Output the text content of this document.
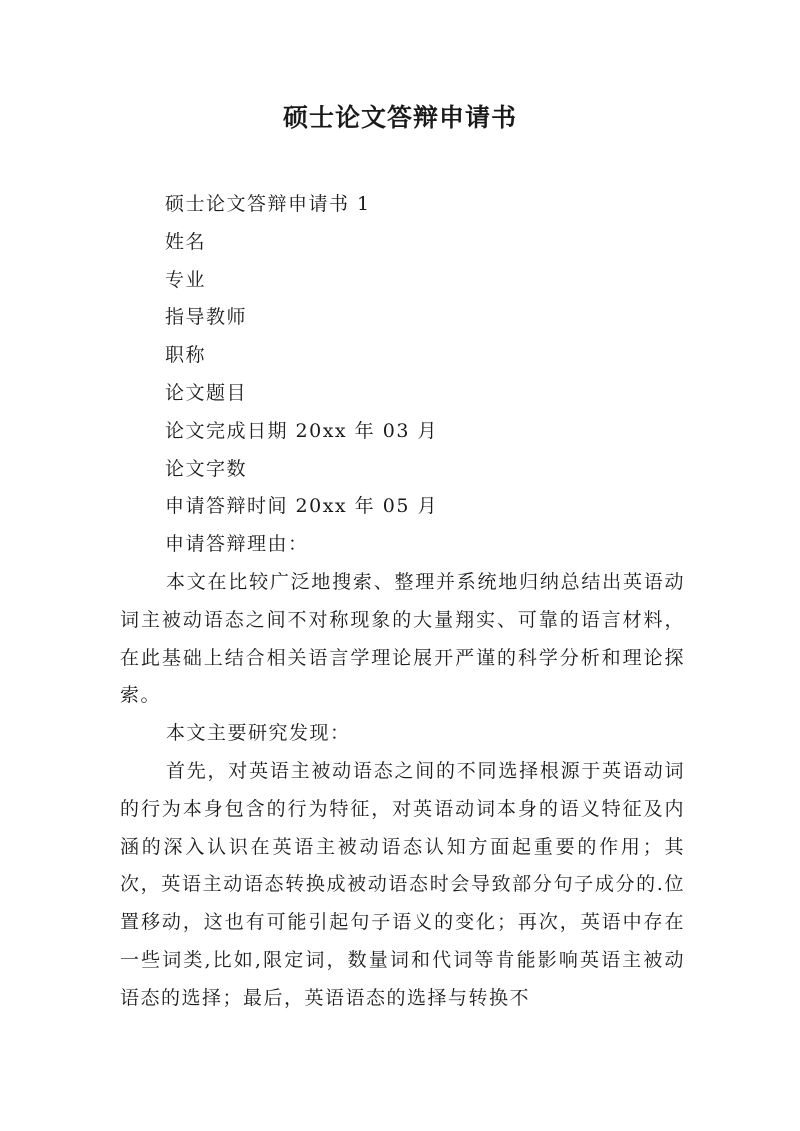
硕士论文答辩申请书
硕士论文答辩申请书 1
姓名
专业
指导教师
职称
论文题目
论文完成日期 20xx 年 03 月
论文字数
申请答辩时间 20xx 年 05 月
申请答辩理由：

本文在比较广泛地搜索、整理并系统地归纳总结出英语动词主被动语态之间不对称现象的大量翔实、可靠的语言材料，在此基础上结合相关语言学理论展开严谨的科学分析和理论探索。

本文主要研究发现：

首先，对英语主被动语态之间的不同选择根源于英语动词的行为本身包含的行为特征，对英语动词本身的语义特征及内涵的深入认识在英语主被动语态认知方面起重要的作用；其次，英语主动语态转换成被动语态时会导致部分句子成分的.位置移动，这也有可能引起句子语义的变化；再次，英语中存在一些词类,比如,限定词，数量词和代词等肯能影响英语主被动语态的选择；最后，英语语态的选择与转换不
